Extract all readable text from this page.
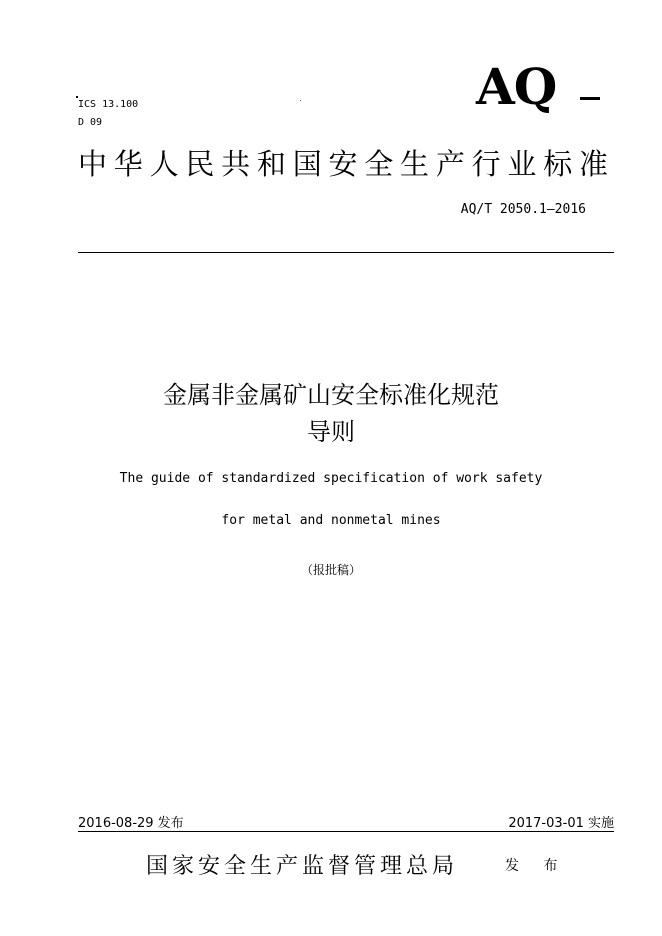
ICS 13.100
D 09
AQ
中华人民共和国安全生产行业标准
AQ/T 2050.1—2016
金属非金属矿山安全标准化规范
导则
The guide of standardized specification of work safety
for metal and nonmetal mines
（报批稿）
2016-08-29 发布	2017-03-01 实施
国家安全生产监督管理总局	发 布
